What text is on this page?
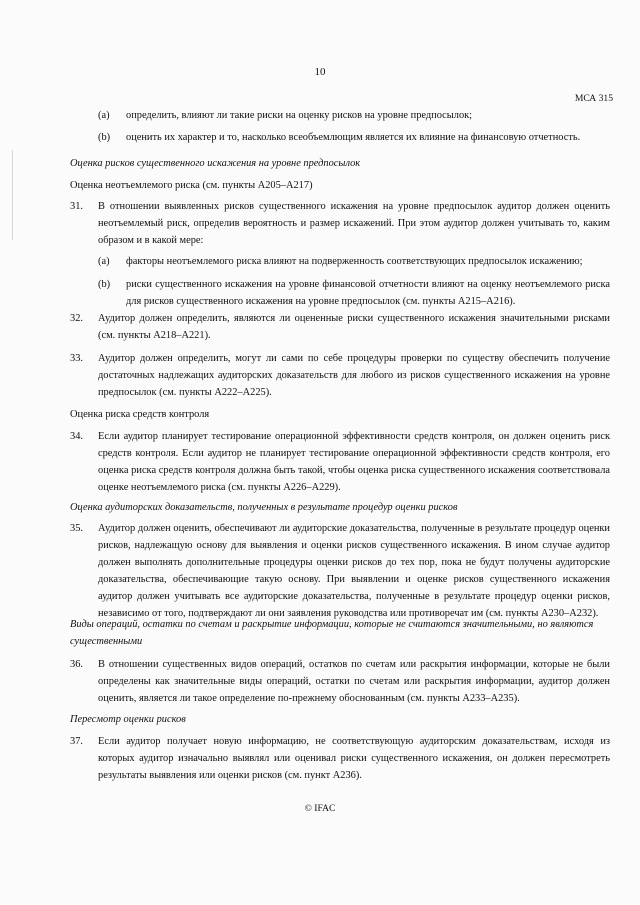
10
МСА 315
(a)	определить, влияют ли такие риски на оценку рисков на уровне предпосылок;
(b)	оценить их характер и то, насколько всеобъемлющим является их влияние на финансовую отчетность.
Оценка рисков существенного искажения на уровне предпосылок
Оценка неотъемлемого риска (см. пункты А205–А217)
31.	В отношении выявленных рисков существенного искажения на уровне предпосылок аудитор должен оценить неотъемлемый риск, определив вероятность и размер искажений. При этом аудитор должен учитывать то, каким образом и в какой мере:
(a)	факторы неотъемлемого риска влияют на подверженность соответствующих предпосылок искажению;
(b)	риски существенного искажения на уровне финансовой отчетности влияют на оценку неотъемлемого риска для рисков существенного искажения на уровне предпосылок (см. пункты А215–А216).
32.	Аудитор должен определить, являются ли оцененные риски существенного искажения значительными рисками (см. пункты А218–А221).
33.	Аудитор должен определить, могут ли сами по себе процедуры проверки по существу обеспечить получение достаточных надлежащих аудиторских доказательств для любого из рисков существенного искажения на уровне предпосылок (см. пункты А222–А225).
Оценка риска средств контроля
34.	Если аудитор планирует тестирование операционной эффективности средств контроля, он должен оценить риск средств контроля. Если аудитор не планирует тестирование операционной эффективности средств контроля, его оценка риска средств контроля должна быть такой, чтобы оценка риска существенного искажения соответствовала оценке неотъемлемого риска (см. пункты А226–А229).
Оценка аудиторских доказательств, полученных в результате процедур оценки рисков
35.	Аудитор должен оценить, обеспечивают ли аудиторские доказательства, полученные в результате процедур оценки рисков, надлежащую основу для выявления и оценки рисков существенного искажения. В ином случае аудитор должен выполнять дополнительные процедуры оценки рисков до тех пор, пока не будут получены аудиторские доказательства, обеспечивающие такую основу. При выявлении и оценке рисков существенного искажения аудитор должен учитывать все аудиторские доказательства, полученные в результате процедур оценки рисков, независимо от того, подтверждают ли они заявления руководства или противоречат им (см. пункты А230–А232).
Виды операций, остатки по счетам и раскрытие информации, которые не считаются значительными, но являются существенными
36.	В отношении существенных видов операций, остатков по счетам или раскрытия информации, которые не были определены как значительные виды операций, остатки по счетам или раскрытия информации, аудитор должен оценить, является ли такое определение по-прежнему обоснованным (см. пункты А233–А235).
Пересмотр оценки рисков
37.	Если аудитор получает новую информацию, не соответствующую аудиторским доказательствам, исходя из которых аудитор изначально выявлял или оценивал риски существенного искажения, он должен пересмотреть результаты выявления или оценки рисков (см. пункт А236).
© IFAC
